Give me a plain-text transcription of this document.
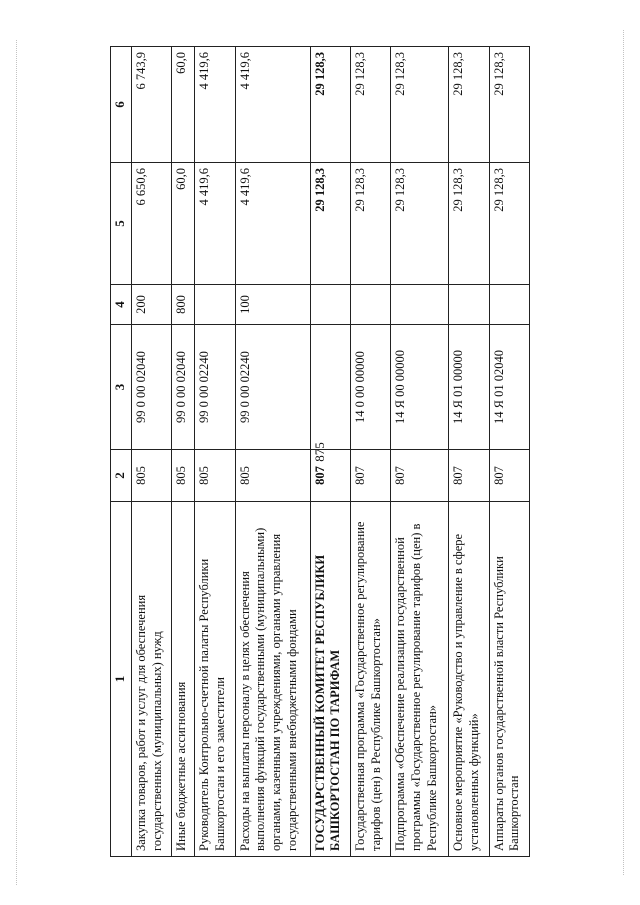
875
1	2	3	4	5	6
Закупка товаров, работ и услуг для обеспечения государственных (муниципальных) нужд	805	99 0 00 02040	200	6 650,6	6 743,9
Иные бюджетные ассигнования	805	99 0 00 02040	800	60,0	60,0
Руководитель Контрольно-счетной палаты Республики Башкортостан и его заместители	805	99 0 00 02240		4 419,6	4 419,6
Расходы на выплаты персоналу в целях обеспечения выполнения функций государственными (муниципальными) органами, казенными учреждениями, органами управления государственными внебюджетными фондами	805	99 0 00 02240	100	4 419,6	4 419,6
ГОСУДАРСТВЕННЫЙ КОМИТЕТ РЕСПУБЛИКИ БАШКОРТОСТАН ПО ТАРИФАМ	807			29 128,3	29 128,3
Государственная программа «Государственное регулирование тарифов (цен) в Республике Башкортостан»	807	14 0 00 00000		29 128,3	29 128,3
Подпрограмма «Обеспечение реализации государственной программы «Государственное регулирование тарифов (цен) в Республике Башкортостан»	807	14 Я 00 00000		29 128,3	29 128,3
Основное мероприятие «Руководство и управление в сфере установленных функций»	807	14 Я 01 00000		29 128,3	29 128,3
Аппараты органов государственной власти Республики Башкортостан	807	14 Я 01 02040		29 128,3	29 128,3
